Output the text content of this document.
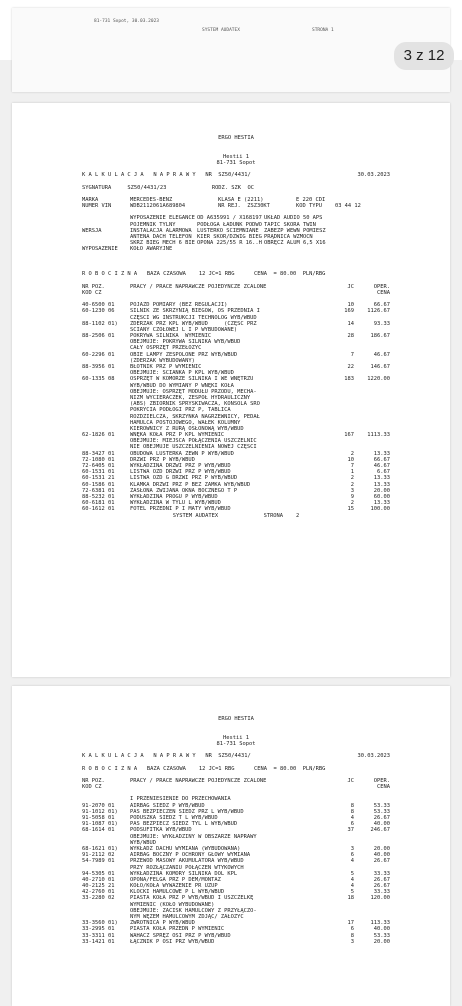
81-731 Sopot, 30.03.2023
SYSTEM AUDATEX	STRONA 1
3 z 12
ERGO HESTIA
Hestii 1
81-731 Sopot
K A L K U L A C J A   N A P R A W Y   NR  SZ50/4431/	30.03.2023
SYGNATURA     SZ50/4431/23              RODZ. SZK  OC
MARKA	MERCEDES-BENZ	KLASA E (2211)	E 220 CDI
NUMER VIN	WDB2112061A689804	NR REJ.  ZSZ30KT	KOD TYPU    03 44 12

WERSJA

WYPOSAŻENIE

WYPOSAŻENIE ELEGANCE OD A635991 / X168197 UKŁAD AUDIO 50 APS
POJEMNIK TYLNY	PODŁOGA ŁADUNK PODWÓ TAPIC SKÓRA TWIN
INSTALACJA ALARMOWA LUSTERKO ŚCIEMNIANE ZABEZP WEWN POMIESZ
ANTENA DACH TELEFON KIER SKÓR/DŹWIG BIEG PRĄDNICA WZMOCN
SKRZ BIEG MECH 6 BIE OPONA 225/55 R 16..H OBRĘCZ ALUM 6,5 X16
KOŁO AWARYJNE
R O B O C I Z N A   BAZA CZASOWA    12 JC=1 RBG      CENA  = 80.00  PLN/RBG
NR POZ.	PRACY / PRACE NAPRAWCZE POJEDYNCZE ZCALONE	JC	OPER.
KOD CZ	CENA
40-6500 01	POJAZD POMIARY (BEZ REGULACJI)	10	66.67
60-1230 06	SILNIK ZE SKRZYNIĄ BIEGÓW, OS PRZEDNIA I	169	1126.67
CZĘŚCI WG INSTRUKCJI TECHNOLOG WYB/WBUD
88-1102 01)	ZDERZAK PRZ KPL WYB/WBUD     (CZĘŚĆ PRZ	14	93.33
ŚCIANY CZOŁOWEJ L I P WYBUDOWANE)
88-2506 01	POKRYWA SILNIKA  WYMIENIĆ	28	186.67
OBEJMUJE: POKRYWA SILNIKA WYB/WBUD
CAŁY OSPRZĘT PRZEŁOŻYĆ
60-2296 01	OBIE LAMPY ZESPOLONE PRZ WYB/WBUD	7	46.67
(ZDERZAK WYBUDOWANY)
88-3956 01	BŁOTNIK PRZ P WYMIENIĆ	22	146.67
OBEJMUJE: ŚCIANKA P KPL WYB/WBUD
60-1335 08	OSPRZĘT W KOMORZE SILNIKA I WE WNĘTRZU	183	1220.00
WYB/WBUD DO WYMIANY P WNĘKI KOŁA
OBEJMUJE: OSPRZĘT MODUŁU PRZODU, MECHA-
NIZM WYCIERACZEK, ZESPÓŁ HYDRAULICZNY
(ABS) ZBIORNIK SPRYSKIWACZA, KONSOLA ŚRO
POKRYCIA PODŁOGI PRZ P, TABLICA
ROZDZIELCZA, SKRZYNKA NAGRZEWNICY, PEDAŁ
HAMULCA POSTOJOWEGO, WAŁEK KOLUMNY
KIEROWNICY Z RURĄ OSŁONOWĄ WYB/WBUD
62-1826 01	WNĘKA KOŁA PRZ P KPL WYMIENIĆ	167	1113.33
OBEJMUJE: MIEJSCA POŁĄCZENIA USZCZELNIĆ
NIE OBEJMUJE USZCZELNIENIA NOWEJ CZĘŚCI
88-3427 01	OBUDOWA LUSTERKA ZEWN P WYB/WBUD	2	13.33
72-1080 01	DRZWI PRZ P WYB/WBUD	10	66.67
72-6405 01	WYKŁADZINA DRZWI PRZ P WYB/WBUD	7	46.67
60-1531 01	LISTWA OZD DRZWI PRZ P WYB/WBUD	1	6.67
60-1531 21	LISTWA OZD G DRZWI PRZ P WYB/WBUD	2	13.33
60-1586 01	KLAMKA DRZWI PRZ P BEZ ZAMKA WYB/WBUD	2	13.33
72-6381 01	ZASŁONA ZWIJANA OKNA BOCZNEGO T P	3	20.00
88-5232 01	WYKŁADZINA PROGU P WYB/WBUD	9	60.00
60-6181 01	WYKŁADZINA W TYLU L WYB/WBUD	2	13.33
60-1612 01	FOTEL PRZEDNI P I MATY WYB/WBUD	15	100.00
SYSTEM AUDATEX              STRONA    2
ERGO HESTIA
Hestii 1
81-731 Sopot
K A L K U L A C J A   N A P R A W Y   NR  SZ50/4431/	30.03.2023
R O B O C I Z N A   BAZA CZASOWA    12 JC=1 RBG      CENA  = 80.00  PLN/RBG
NR POZ.	PRACY / PRACE NAPRAWCZE POJEDYNCZE ZCALONE	JC	OPER.
KOD CZ	CENA
I PRZENIESIENIE DO PRZECHOWANIA
91-2070 01	AIRBAG SIEDZ P WYB/WBUD	8	53.33
91-1012 01)	PAS BEZPIECZEŃ SIEDZ PRZ L WYB/WBUD	8	53.33
91-5058 01	PODUSZKA SIEDZ T L WYB/WBUD	4	26.67
91-1087 01)	PAS BEZPIECZ SIEDZ TYL L WYB/WBUD	6	40.00
68-1614 01	PODSUFITKA WYB/WBUD	37	246.67
OBEJMUJE: WYKŁADZINY W OBSZARZE NAPRAWY
WYB/WBUD
68-1621 01)	WYKŁADZ DACHU WYMIANA (WYBUDOWANA)	3	20.00
91-2112 02	AIRBAG BOCZNY P OCHRONY GŁOWY WYMIANA	6	40.00
54-7989 01	PRZEWÓD MASOWY AKUMULATORA WYB/WBUD	4	26.67
PRZY ROZŁĄCZANIU POŁĄCZEŃ WTYKOWYCH
94-5305 01	WYKŁADZINA KOMORY SILNIKA DOL KPL	5	33.33
40-2710 01	OPONA/FELGA PRZ P DEM/MONTAŻ	4	26.67
40-2125 21	KOŁO/KOŁA WYWAŻENIE PR UZUP	4	26.67
42-2760 01	KLOCKI HAMULCOWE P L WYB/WBUD	5	33.33
33-2280 02	PIASTA KOŁA PRZ P WYB/WBUD I USZCZELKĘ	18	120.00
WYMIENIĆ (KOŁO WYBUDOWANE)
OBEJMUJE: ZACISK HAMULCOWY Z PRZYŁĄCZO-
NYM WĘŻEM HAMULCOWYM ZDJĄĆ/ ZAŁOŻYĆ
33-3560 01)	ZWROTNICA P WYB/WBUD	17	113.33
33-2995 01	PIASTA KOŁA PRZEDN P WYMIENIĆ	6	40.00
33-3311 01	WAHACZ SPRĘŻ OSI PRZ P WYB/WBUD	8	53.33
33-1421 01	ŁĄCZNIK P OSI PRZ WYB/WBUD	3	20.00
